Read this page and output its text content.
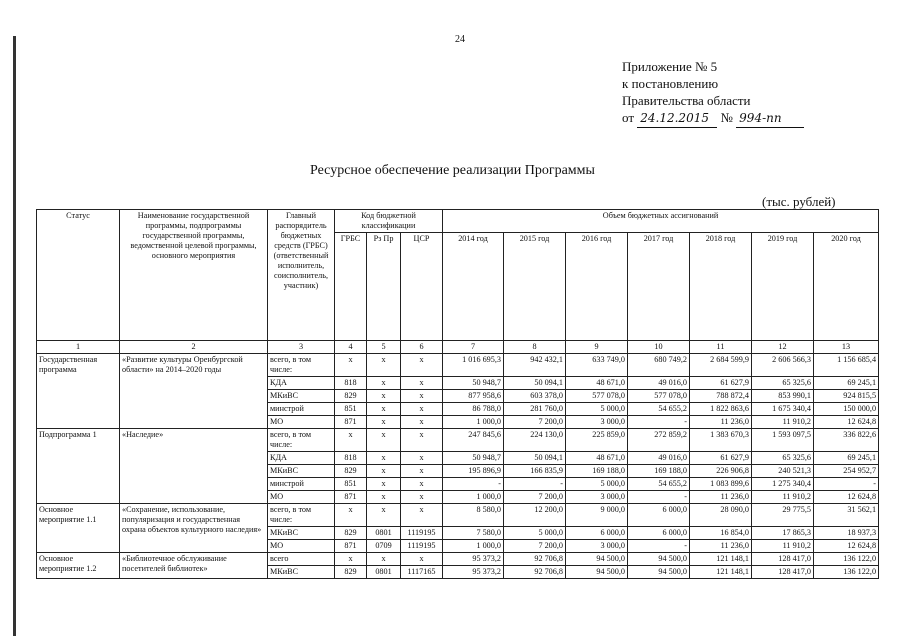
24
Приложение № 5
к постановлению
Правительства области
от 24.12.2015 № 994-пп
Ресурсное обеспечение реализации Программы
(тыс. рублей)
Статус	Наименование государственной программы, подпрограммы государственной программы, ведомственной целевой программы, основного мероприятия	Главный распорядитель бюджетных средств (ГРБС) (ответственный исполнитель, соисполнитель, участник)	Код бюджетной классификации			Объем бюджетных ассигнований						
			ГРБС	Рз Пр	ЦСР	2014 год	2015 год	2016 год	2017 год	2018 год	2019 год	2020 год
1	2	3	4	5	6	7	8	9	10	11	12	13
Государственная программа	«Развитие культуры Оренбургской области» на 2014–2020 годы	всего, в том числе:	x	x	x	1 016 695,3	942 432,1	633 749,0	680 749,2	2 684 599,9	2 606 566,3	1 156 685,4
		КДА	818	x	x	50 948,7	50 094,1	48 671,0	49 016,0	61 627,9	65 325,6	69 245,1
		МКиВС	829	x	x	877 958,6	603 378,0	577 078,0	577 078,0	788 872,4	853 990,1	924 815,5
		минстрой	851	x	x	86 788,0	281 760,0	5 000,0	54 655,2	1 822 863,6	1 675 340,4	150 000,0
		МО	871	x	x	1 000,0	7 200,0	3 000,0	-	11 236,0	11 910,2	12 624,8
Подпрограмма 1	«Наследие»	всего, в том числе:	x	x	x	247 845,6	224 130,0	225 859,0	272 859,2	1 383 670,3	1 593 097,5	336 822,6
		КДА	818	x	x	50 948,7	50 094,1	48 671,0	49 016,0	61 627,9	65 325,6	69 245,1
		МКиВС	829	x	x	195 896,9	166 835,9	169 188,0	169 188,0	226 906,8	240 521,3	254 952,7
		минстрой	851	x	x	-	-	5 000,0	54 655,2	1 083 899,6	1 275 340,4	-
		МО	871	x	x	1 000,0	7 200,0	3 000,0	-	11 236,0	11 910,2	12 624,8
Основное мероприятие 1.1	«Сохранение, использование, популяризация и государственная охрана объектов культурного наследия»	всего, в том числе:	x	x	x	8 580,0	12 200,0	9 000,0	6 000,0	28 090,0	29 775,5	31 562,1
		МКиВС	829	0801	1119195	7 580,0	5 000,0	6 000,0	6 000,0	16 854,0	17 865,3	18 937,3
		МО	871	0709	1119195	1 000,0	7 200,0	3 000,0	-	11 236,0	11 910,2	12 624,8
Основное мероприятие 1.2	«Библиотечное обслуживание посетителей библиотек»	всего	x	x	x	95 373,2	92 706,8	94 500,0	94 500,0	121 148,1	128 417,0	136 122,0
		МКиВС	829	0801	1117165	95 373,2	92 706,8	94 500,0	94 500,0	121 148,1	128 417,0	136 122,0
